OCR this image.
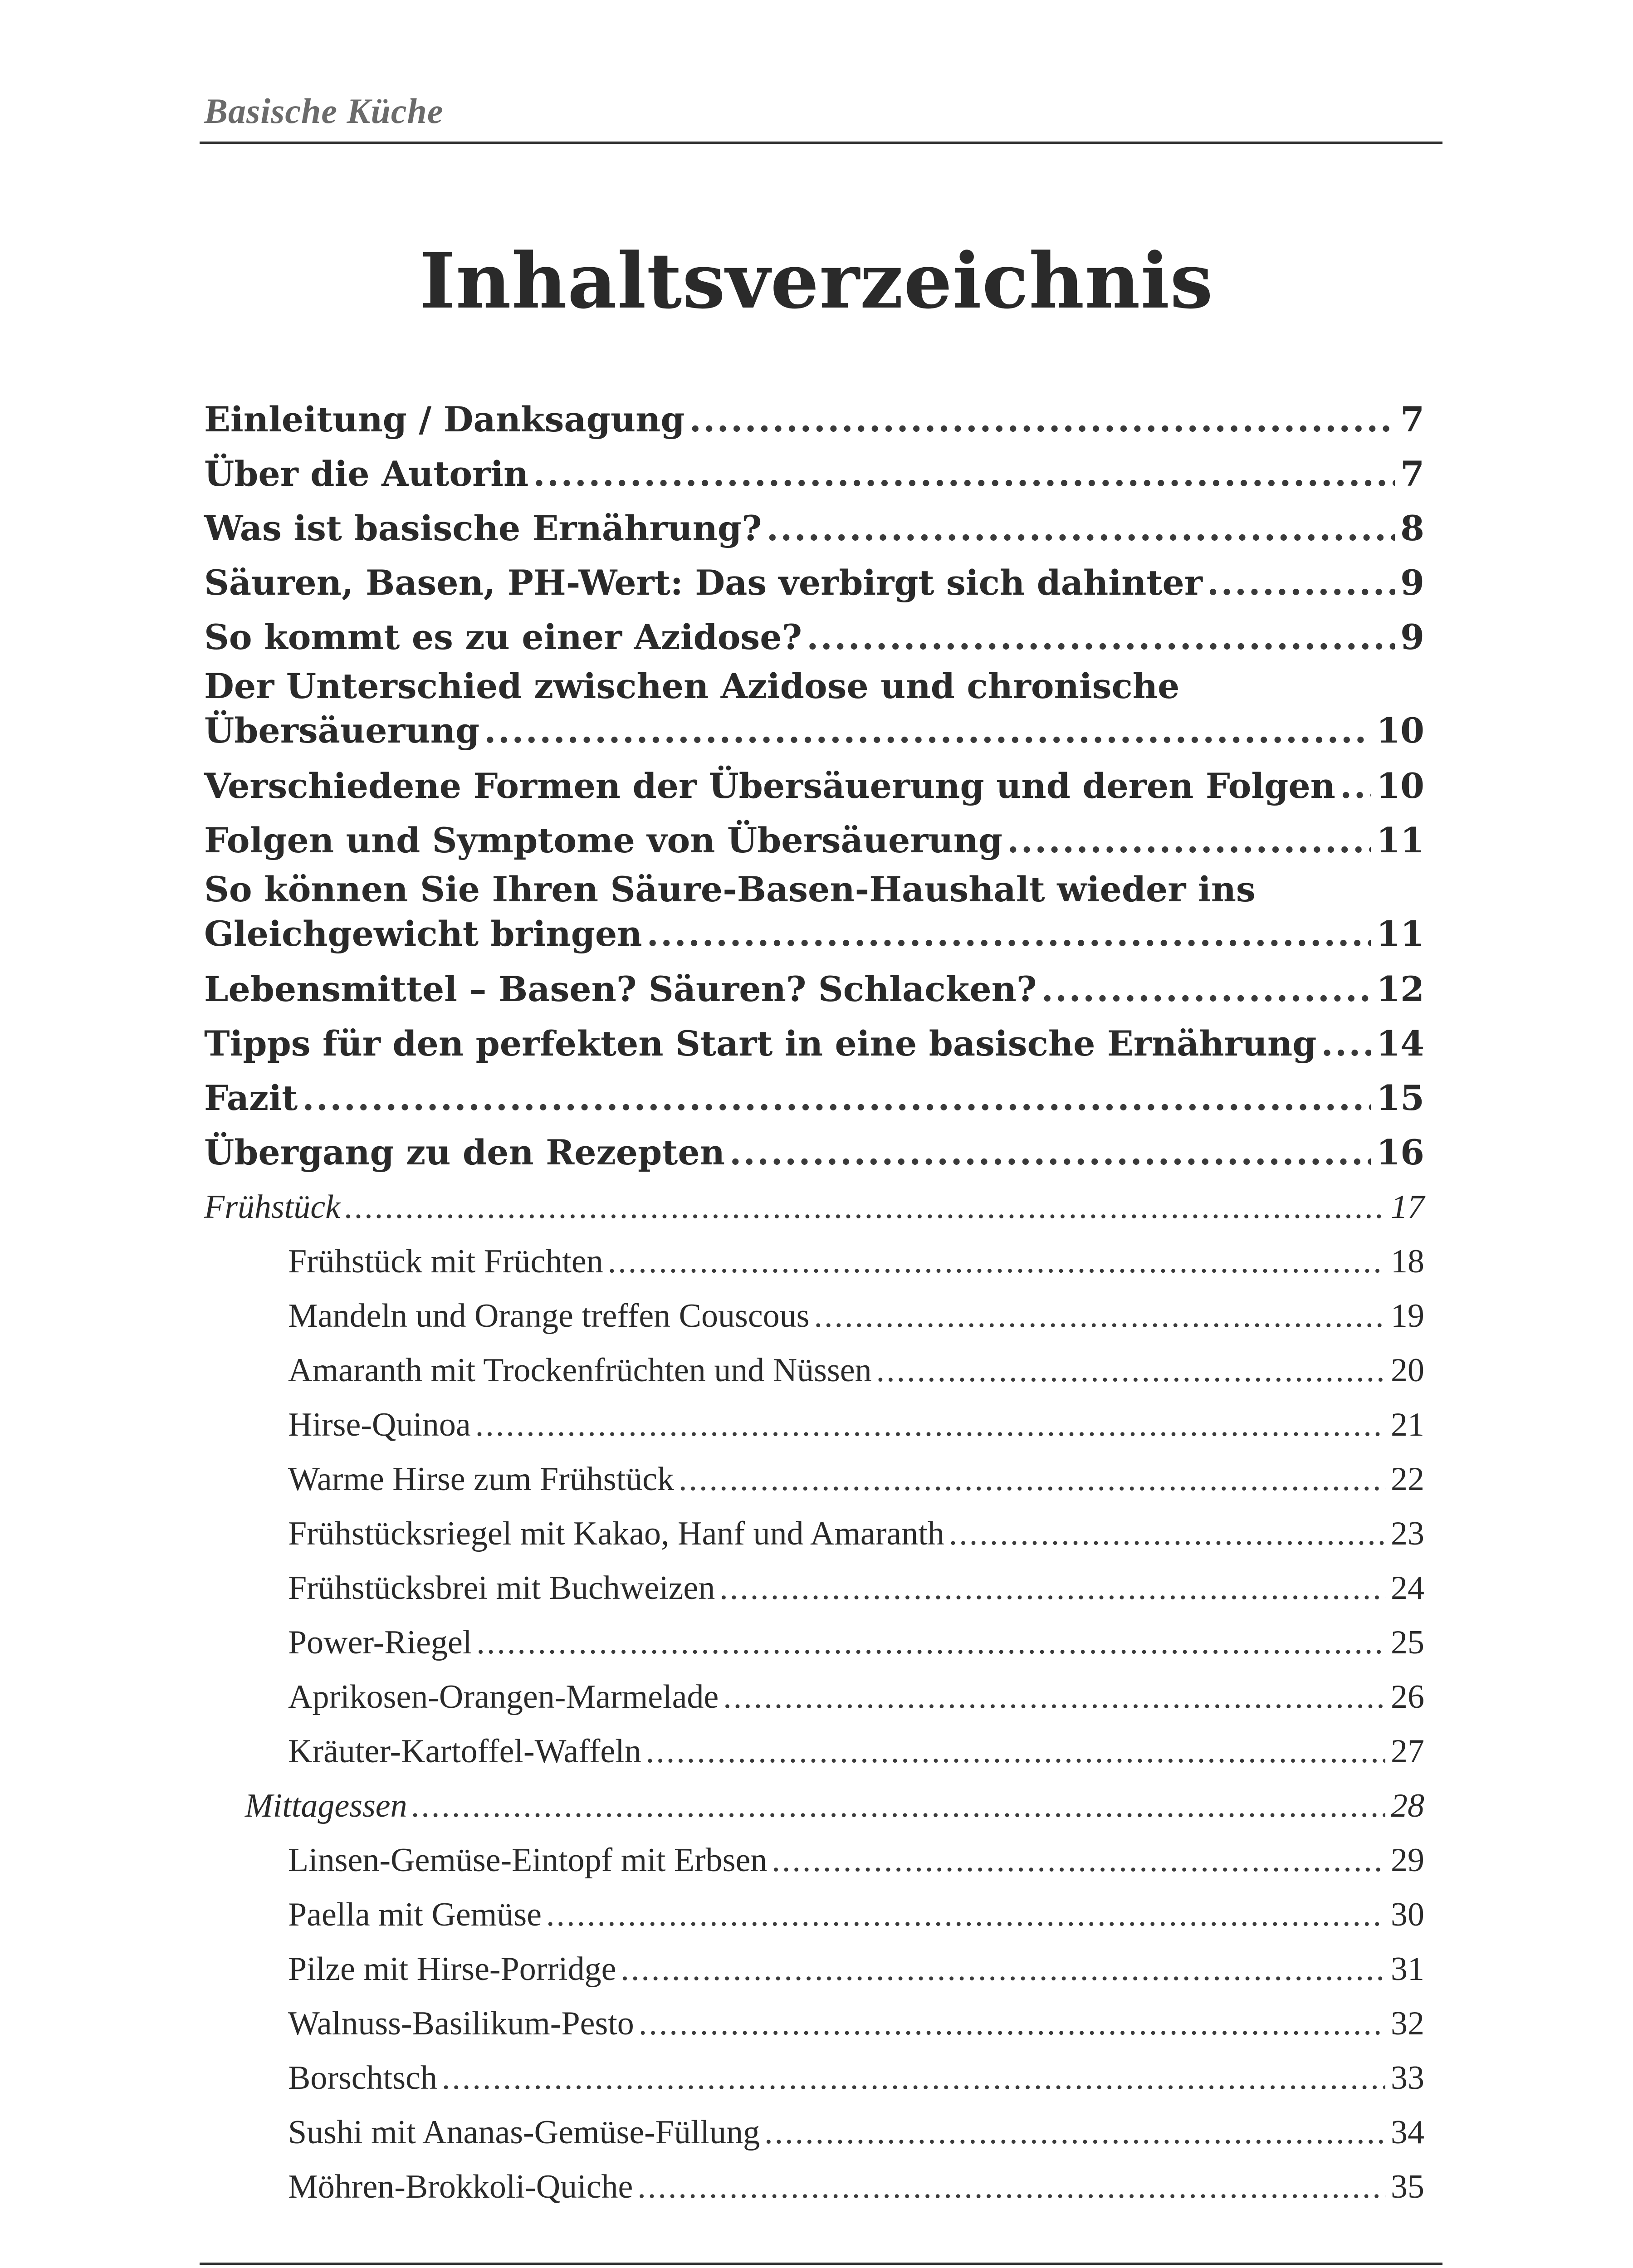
Basische Küche
Inhaltsverzeichnis
Einleitung / Danksagung .....	7
Über die Autorin .....	7
Was ist basische Ernährung? .....	8
Säuren, Basen, PH-Wert: Das verbirgt sich dahinter .....	9
So kommt es zu einer Azidose? .....	9
Der Unterschied zwischen Azidose und chronische
Übersäuerung .....	10
Verschiedene Formen der Übersäuerung und deren Folgen ..... 10
Folgen und Symptome von Übersäuerung .....	11
So können Sie Ihren Säure-Basen-Haushalt wieder ins
Gleichgewicht bringen .....	11
Lebensmittel – Basen? Säuren? Schlacken? .....	12
Tipps für den perfekten Start in eine basische Ernährung ..... 14
Fazit .....	15
Übergang zu den Rezepten .....	16
Frühstück .....	17
Frühstück mit Früchten .....	18
Mandeln und Orange treffen Couscous .....	19
Amaranth mit Trockenfrüchten und Nüssen .....	20
Hirse-Quinoa .....	21
Warme Hirse zum Frühstück .....	22
Frühstücksriegel mit Kakao, Hanf und Amaranth .....	23
Frühstücksbrei mit Buchweizen .....	24
Power-Riegel .....	25
Aprikosen-Orangen-Marmelade .....	26
Kräuter-Kartoffel-Waffeln .....	27
Mittagessen .....	28
Linsen-Gemüse-Eintopf mit Erbsen .....	29
Paella mit Gemüse .....	30
Pilze mit Hirse-Porridge .....	31
Walnuss-Basilikum-Pesto .....	32
Borschtsch .....	33
Sushi mit Ananas-Gemüse-Füllung .....	34
Möhren-Brokkoli-Quiche .....	35
